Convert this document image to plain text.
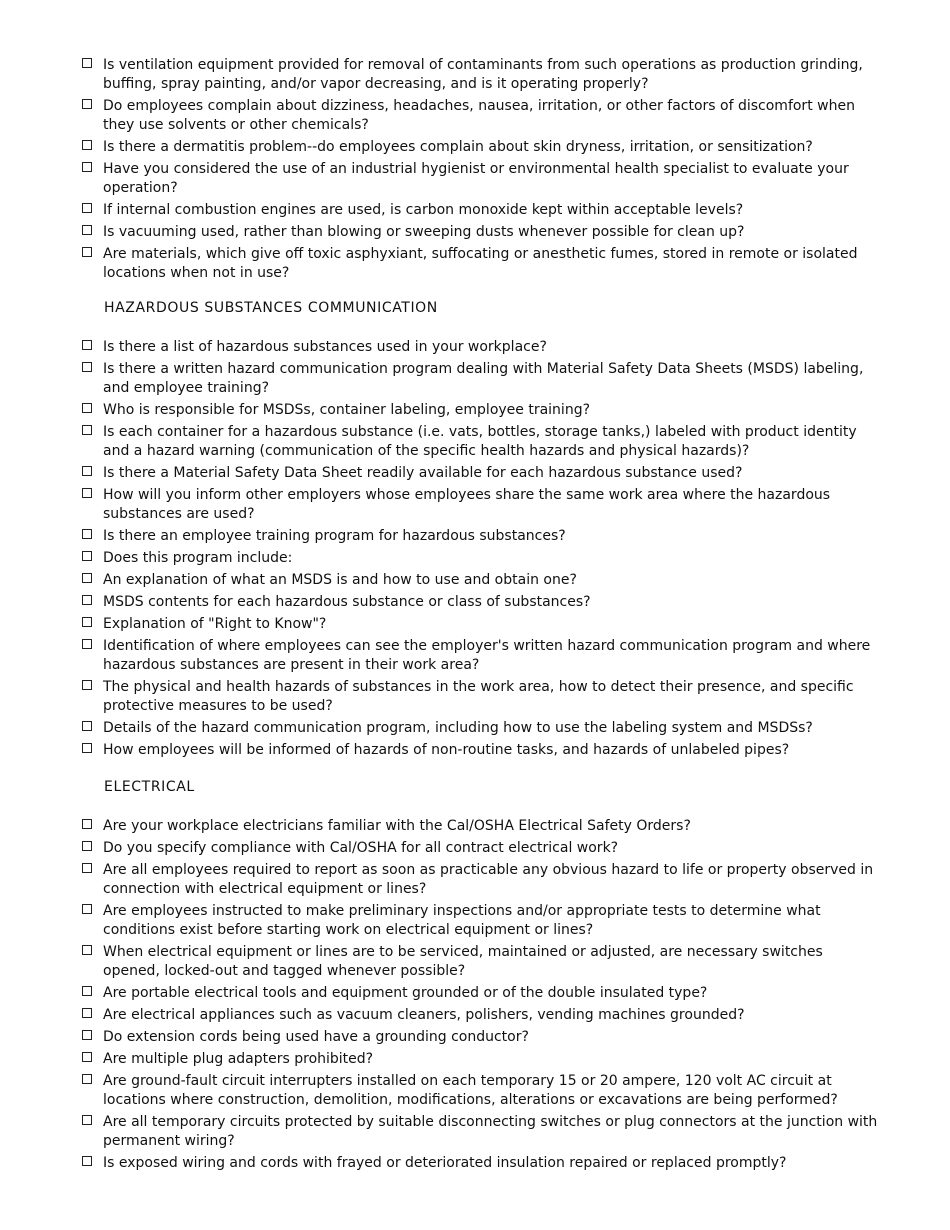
Is ventilation equipment provided for removal of contaminants from such operations as production grinding, buffing, spray painting, and/or vapor decreasing, and is it operating properly?
Do employees complain about dizziness, headaches, nausea, irritation, or other factors of discomfort when they use solvents or other chemicals?
Is there a dermatitis problem--do employees complain about skin dryness, irritation, or sensitization?
Have you considered the use of an industrial hygienist or environmental health specialist to evaluate your operation?
If internal combustion engines are used, is carbon monoxide kept within acceptable levels?
Is vacuuming used, rather than blowing or sweeping dusts whenever possible for clean up?
Are materials, which give off toxic asphyxiant, suffocating or anesthetic fumes, stored in remote or isolated locations when not in use?
HAZARDOUS SUBSTANCES COMMUNICATION
Is there a list of hazardous substances used in your workplace?
Is there a written hazard communication program dealing with Material Safety Data Sheets (MSDS) labeling, and employee training?
Who is responsible for MSDSs, container labeling, employee training?
Is each container for a hazardous substance (i.e. vats, bottles, storage tanks,) labeled with product identity and a hazard warning (communication of the specific health hazards and physical hazards)?
Is there a Material Safety Data Sheet readily available for each hazardous substance used?
How will you inform other employers whose employees share the same work area where the hazardous substances are used?
Is there an employee training program for hazardous substances?
Does this program include:
An explanation of what an MSDS is and how to use and obtain one?
MSDS contents for each hazardous substance or class of substances?
Explanation of "Right to Know"?
Identification of where employees can see the employer's written hazard communication program and where hazardous substances are present in their work area?
The physical and health hazards of substances in the work area, how to detect their presence, and specific protective measures to be used?
Details of the hazard communication program, including how to use the labeling system and MSDSs?
How employees will be informed of hazards of non-routine tasks, and hazards of unlabeled pipes?
ELECTRICAL
Are your workplace electricians familiar with the Cal/OSHA Electrical Safety Orders?
Do you specify compliance with Cal/OSHA for all contract electrical work?
Are all employees required to report as soon as practicable any obvious hazard to life or property observed in connection with electrical equipment or lines?
Are employees instructed to make preliminary inspections and/or appropriate tests to determine what conditions exist before starting work on electrical equipment or lines?
When electrical equipment or lines are to be serviced, maintained or adjusted, are necessary switches opened, locked-out and tagged whenever possible?
Are portable electrical tools and equipment grounded or of the double insulated type?
Are electrical appliances such as vacuum cleaners, polishers, vending machines grounded?
Do extension cords being used have a grounding conductor?
Are multiple plug adapters prohibited?
Are ground-fault circuit interrupters installed on each temporary 15 or 20 ampere, 120 volt AC circuit at locations where construction, demolition, modifications, alterations or excavations are being performed?
Are all temporary circuits protected by suitable disconnecting switches or plug connectors at the junction with permanent wiring?
Is exposed wiring and cords with frayed or deteriorated insulation repaired or replaced promptly?
